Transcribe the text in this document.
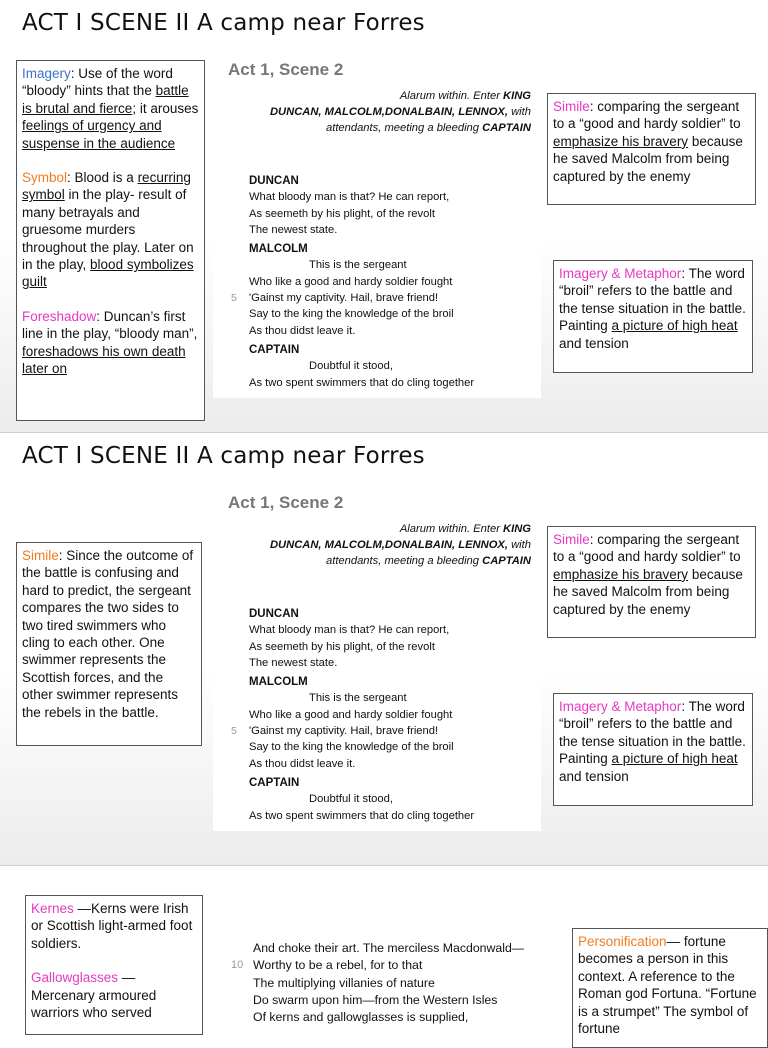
ACT I SCENE II A camp near Forres

Imagery: Use of the word “bloody” hints that the battle is brutal and fierce; it arouses feelings of urgency and suspense in the audience

Symbol: Blood is a recurring symbol in the play- result of many betrayals and gruesome murders throughout the play. Later on in the play, blood symbolizes guilt

Foreshadow: Duncan’s first line in the play, “bloody man”, foreshadows his own death later on

Act 1, Scene 2
Alarum within. Enter KING
DUNCAN, MALCOLM,DONALBAIN, LENNOX, with
attendants, meeting a bleeding CAPTAIN
DUNCAN
What bloody man is that? He can report,
As seemeth by his plight, of the revolt
The newest state.
MALCOLM
This is the sergeant
Who like a good and hardy soldier fought
5 'Gainst my captivity. Hail, brave friend!
Say to the king the knowledge of the broil
As thou didst leave it.
CAPTAIN
Doubtful it stood,
As two spent swimmers that do cling together

Simile: comparing the sergeant to a “good and hardy soldier” to emphasize his bravery because he saved Malcolm from being captured by the enemy

Imagery & Metaphor: The word “broil” refers to the battle and the tense situation in the battle. Painting a picture of high heat and tension

ACT I SCENE II A camp near Forres

Simile: Since the outcome of the battle is confusing and hard to predict, the sergeant compares the two sides to two tired swimmers who cling to each other. One swimmer represents the Scottish forces, and the other swimmer represents the rebels in the battle.

Act 1, Scene 2
Alarum within. Enter KING
DUNCAN, MALCOLM,DONALBAIN, LENNOX, with
attendants, meeting a bleeding CAPTAIN
DUNCAN
What bloody man is that? He can report,
As seemeth by his plight, of the revolt
The newest state.
MALCOLM
This is the sergeant
Who like a good and hardy soldier fought
5 'Gainst my captivity. Hail, brave friend!
Say to the king the knowledge of the broil
As thou didst leave it.
CAPTAIN
Doubtful it stood,
As two spent swimmers that do cling together

Simile: comparing the sergeant to a “good and hardy soldier” to emphasize his bravery because he saved Malcolm from being captured by the enemy

Imagery & Metaphor: The word “broil” refers to the battle and the tense situation in the battle. Painting a picture of high heat and tension

Kernes —Kerns were Irish or Scottish light-armed foot soldiers.

Gallowglasses — Mercenary armoured warriors who served

And choke their art. The merciless Macdonwald—
10 Worthy to be a rebel, for to that
The multiplying villanies of nature
Do swarm upon him—from the Western Isles
Of kerns and gallowglasses is supplied,

Personification— fortune becomes a person in this context. A reference to the Roman god Fortuna. “Fortune is a strumpet” The symbol of fortune
